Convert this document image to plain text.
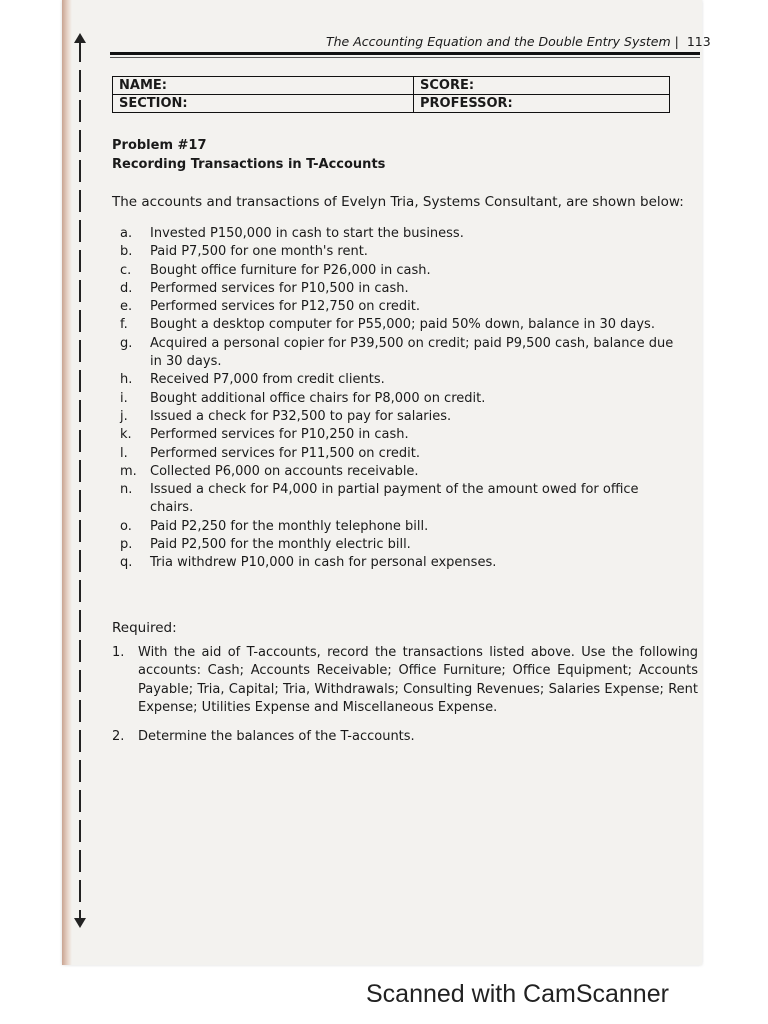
The Accounting Equation and the Double Entry System | 113
NAME:	SCORE:
SECTION:	PROFESSOR:
Problem #17
Recording Transactions in T-Accounts
The accounts and transactions of Evelyn Tria, Systems Consultant, are shown below:
a.	Invested P150,000 in cash to start the business.
b.	Paid P7,500 for one month's rent.
c.	Bought office furniture for P26,000 in cash.
d.	Performed services for P10,500 in cash.
e.	Performed services for P12,750 on credit.
f.	Bought a desktop computer for P55,000; paid 50% down, balance in 30 days.
g.	Acquired a personal copier for P39,500 on credit; paid P9,500 cash, balance due in 30 days.
h.	Received P7,000 from credit clients.
i.	Bought additional office chairs for P8,000 on credit.
j.	Issued a check for P32,500 to pay for salaries.
k.	Performed services for P10,250 in cash.
l.	Performed services for P11,500 on credit.
m.	Collected P6,000 on accounts receivable.
n.	Issued a check for P4,000 in partial payment of the amount owed for office chairs.
o.	Paid P2,250 for the monthly telephone bill.
p.	Paid P2,500 for the monthly electric bill.
q.	Tria withdrew P10,000 in cash for personal expenses.
Required:
1.	With the aid of T-accounts, record the transactions listed above. Use the following accounts: Cash; Accounts Receivable; Office Furniture; Office Equipment; Accounts Payable; Tria, Capital; Tria, Withdrawals; Consulting Revenues; Salaries Expense; Rent Expense; Utilities Expense and Miscellaneous Expense.
2.	Determine the balances of the T-accounts.
Scanned with CamScanner
